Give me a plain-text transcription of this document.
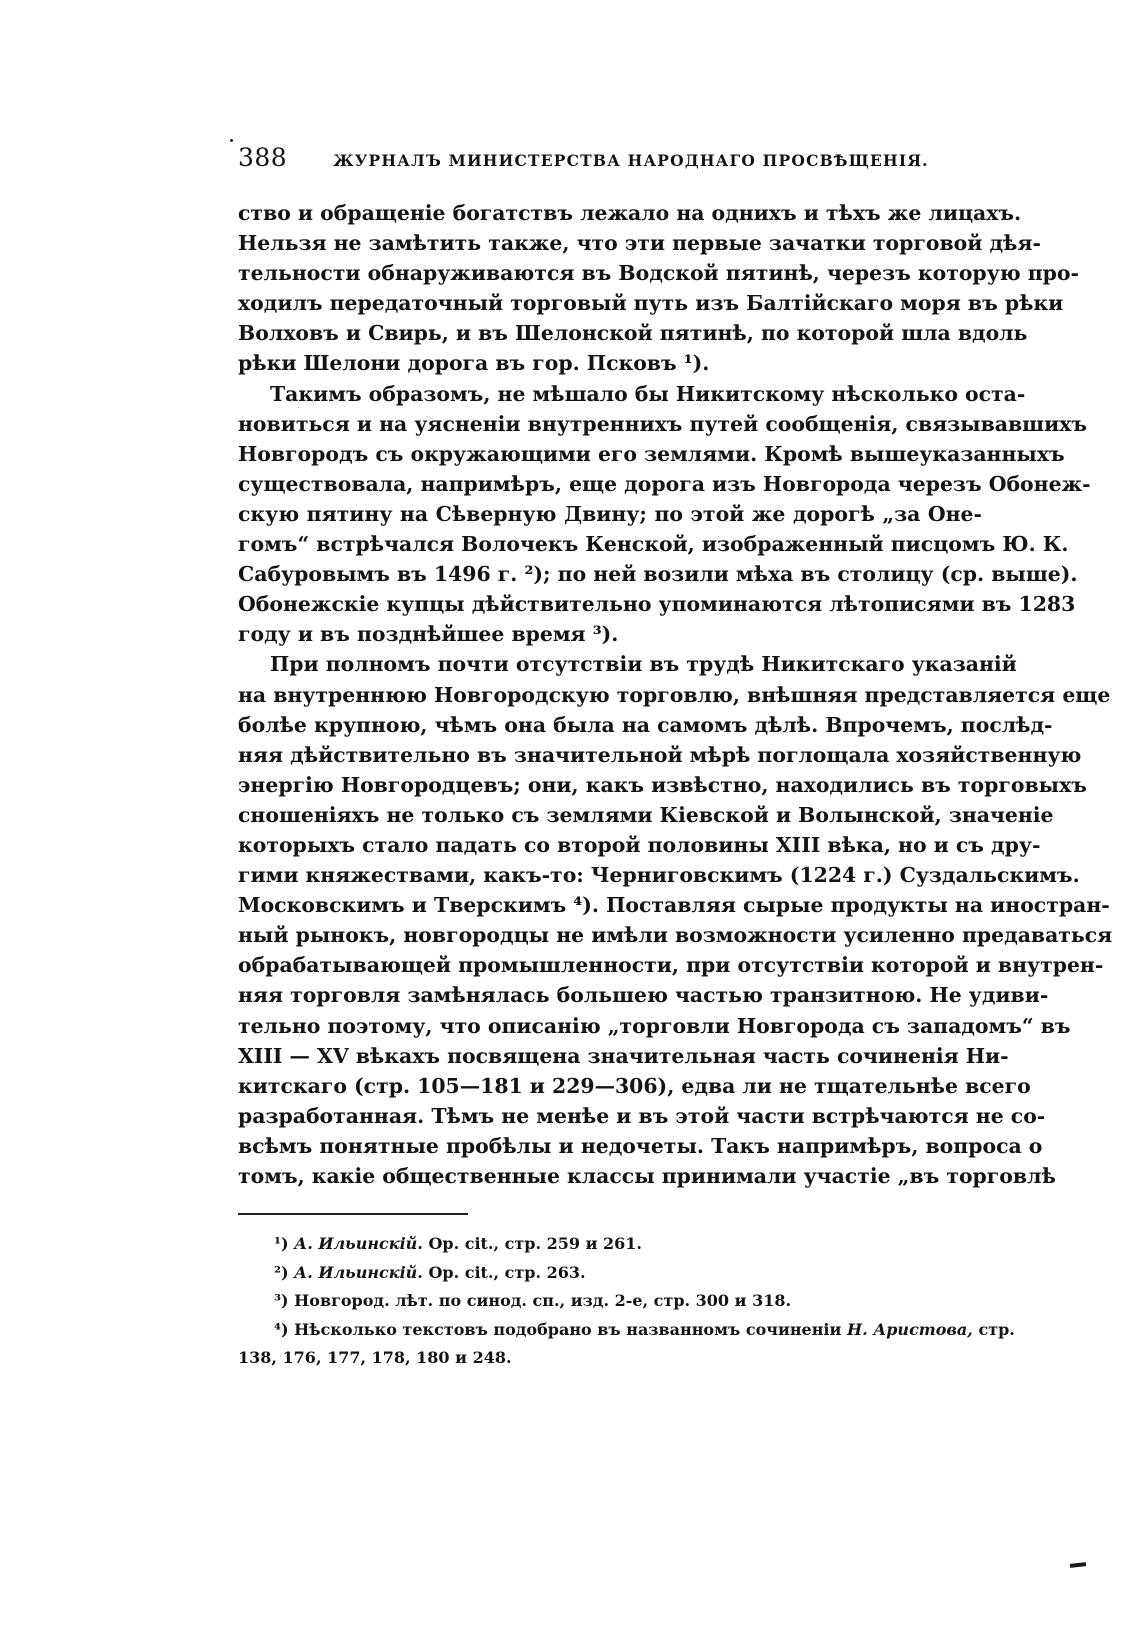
388	ЖУРНАЛЪ МИНИСТЕРСТВА НАРОДНАГО ПРОСВѢЩЕНІЯ.
ство и обращеніе богатствъ лежало на однихъ и тѣхъ же лицахъ.
Нельзя не замѣтить также, что эти первые зачатки торговой дѣя-
тельности обнаруживаются въ Водской пятинѣ, черезъ которую про-
ходилъ передаточный торговый путь изъ Балтійскаго моря въ рѣки
Волховъ и Свирь, и въ Шелонской пятинѣ, по которой шла вдоль
рѣки Шелони дорога въ гор. Псковъ ¹).
Такимъ образомъ, не мѣшало бы Никитскому нѣсколько оста-
новиться и на уясненіи внутреннихъ путей сообщенія, связывавшихъ
Новгородъ съ окружающими его землями. Кромѣ вышеуказанныхъ
существовала, напримѣръ, еще дорога изъ Новгорода черезъ Обонеж-
скую пятину на Сѣверную Двину; по этой же дорогѣ „за Оне-
гомъ“ встрѣчался Волочекъ Кенской, изображенный писцомъ Ю. К.
Сабуровымъ въ 1496 г. ²); по ней возили мѣха въ столицу (ср. выше).
Обонежскіе купцы дѣйствительно упоминаются лѣтописями въ 1283
году и въ позднѣйшее время ³).
При полномъ почти отсутствіи въ трудѣ Никитскаго указаній
на внутреннюю Новгородскую торговлю, внѣшняя представляется еще
болѣе крупною, чѣмъ она была на самомъ дѣлѣ. Впрочемъ, послѣд-
няя дѣйствительно въ значительной мѣрѣ поглощала хозяйственную
энергію Новгородцевъ; они, какъ извѣстно, находились въ торговыхъ
сношеніяхъ не только съ землями Кіевской и Волынской, значеніе
которыхъ стало падать со второй половины XIII вѣка, но и съ дру-
гими княжествами, какъ-то: Черниговскимъ (1224 г.) Суздальскимъ.
Московскимъ и Тверскимъ ⁴). Поставляя сырые продукты на иностран-
ный рынокъ, новгородцы не имѣли возможности усиленно предаваться
обрабатывающей промышленности, при отсутствіи которой и внутрен-
няя торговля замѣнялась большею частью транзитною. Не удиви-
тельно поэтому, что описанію „торговли Новгорода съ западомъ“ въ
XIII — XV вѣкахъ посвящена значительная часть сочиненія Ни-
китскаго (стр. 105—181 и 229—306), едва ли не тщательнѣе всего
разработанная. Тѣмъ не менѣе и въ этой части встрѣчаются не со-
всѣмъ понятные пробѣлы и недочеты. Такъ напримѣръ, вопроса о
томъ, какіе общественные классы принимали участіе „въ торговлѣ
¹) А. Ильинскій. Op. cit., стр. 259 и 261.
²) А. Ильинскій. Op. cit., стр. 263.
³) Новгород. лѣт. по синод. сп., изд. 2-е, стр. 300 и 318.
⁴) Нѣсколько текстовъ подобрано въ названномъ сочиненіи Н. Аристова, стр.
138, 176, 177, 178, 180 и 248.
